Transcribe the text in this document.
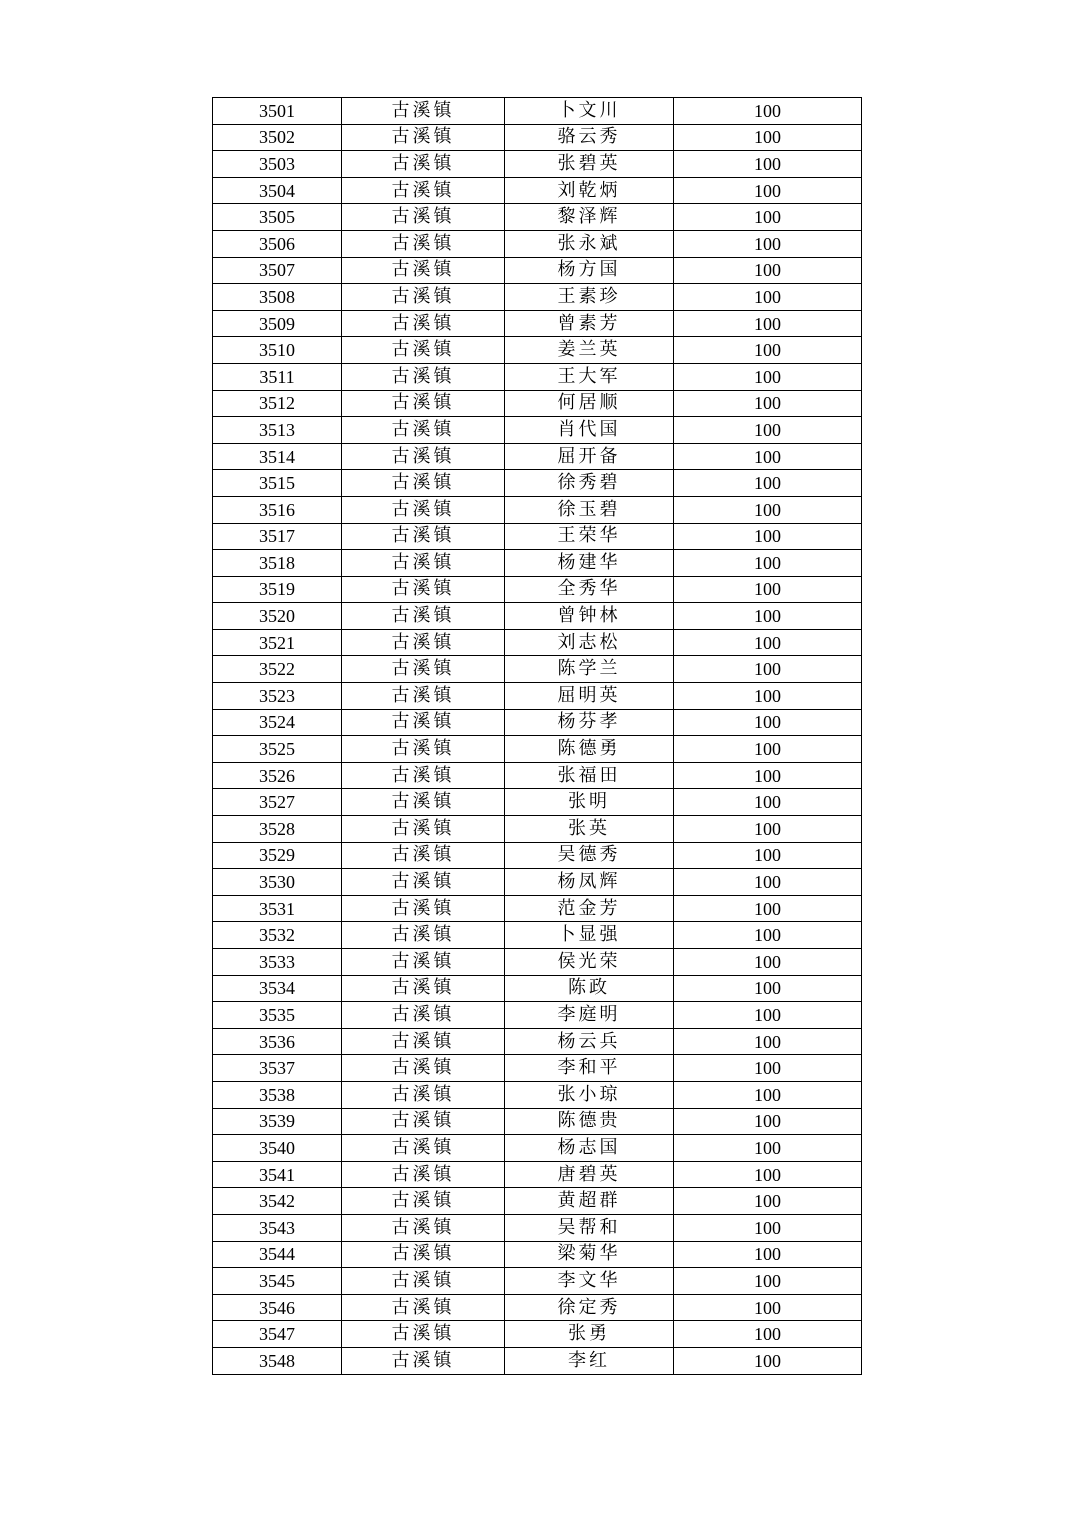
3501	古溪镇	卜文川	100
3502	古溪镇	骆云秀	100
3503	古溪镇	张碧英	100
3504	古溪镇	刘乾炳	100
3505	古溪镇	黎泽辉	100
3506	古溪镇	张永斌	100
3507	古溪镇	杨方国	100
3508	古溪镇	王素珍	100
3509	古溪镇	曾素芳	100
3510	古溪镇	姜兰英	100
3511	古溪镇	王大军	100
3512	古溪镇	何居顺	100
3513	古溪镇	肖代国	100
3514	古溪镇	屈开备	100
3515	古溪镇	徐秀碧	100
3516	古溪镇	徐玉碧	100
3517	古溪镇	王荣华	100
3518	古溪镇	杨建华	100
3519	古溪镇	全秀华	100
3520	古溪镇	曾钟林	100
3521	古溪镇	刘志松	100
3522	古溪镇	陈学兰	100
3523	古溪镇	屈明英	100
3524	古溪镇	杨芬孝	100
3525	古溪镇	陈德勇	100
3526	古溪镇	张福田	100
3527	古溪镇	张明	100
3528	古溪镇	张英	100
3529	古溪镇	吴德秀	100
3530	古溪镇	杨凤辉	100
3531	古溪镇	范金芳	100
3532	古溪镇	卜显强	100
3533	古溪镇	侯光荣	100
3534	古溪镇	陈政	100
3535	古溪镇	李庭明	100
3536	古溪镇	杨云兵	100
3537	古溪镇	李和平	100
3538	古溪镇	张小琼	100
3539	古溪镇	陈德贵	100
3540	古溪镇	杨志国	100
3541	古溪镇	唐碧英	100
3542	古溪镇	黄超群	100
3543	古溪镇	吴帮和	100
3544	古溪镇	梁菊华	100
3545	古溪镇	李文华	100
3546	古溪镇	徐定秀	100
3547	古溪镇	张勇	100
3548	古溪镇	李红	100
